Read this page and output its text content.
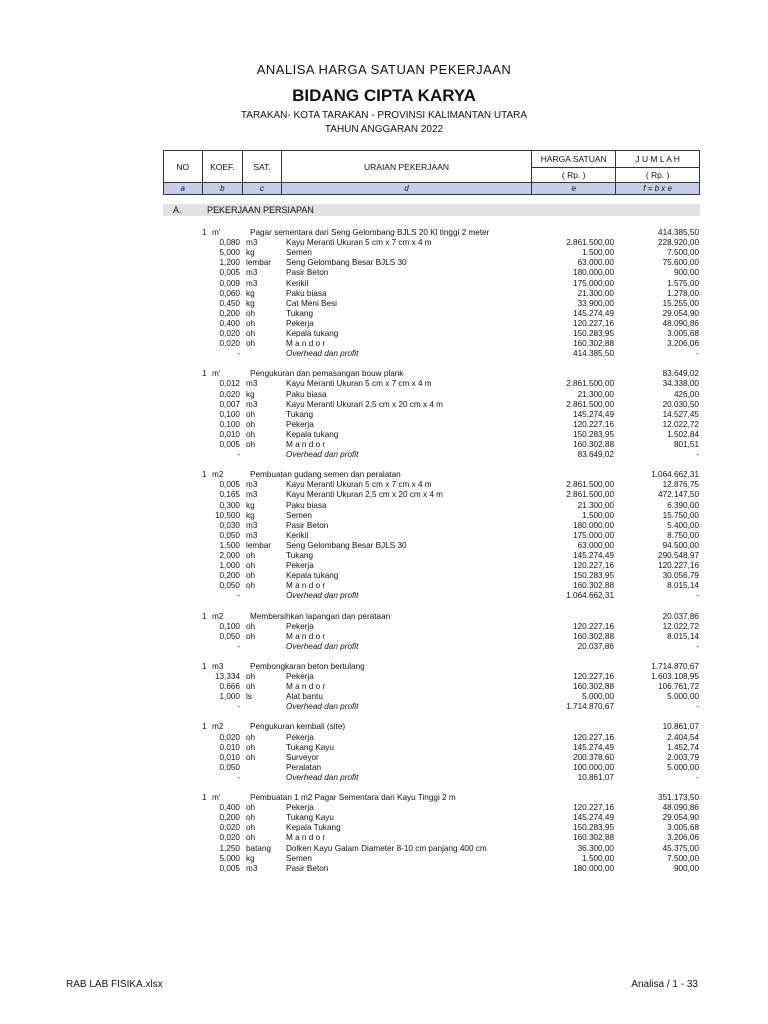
ANALISA HARGA SATUAN PEKERJAAN
BIDANG CIPTA KARYA
TARAKAN- KOTA TARAKAN - PROVINSI KALIMANTAN UTARA
TAHUN ANGGARAN 2022
NO	KOEF.	SAT.	URAIAN PEKERJAAN	HARGA SATUAN	J U M L A H
				( Rp. )	( Rp. )
a	b	c	d	e	f = b x e
A.	PEKERJAAN PERSIAPAN
1 m'	Pagar sementara dari Seng Gelombang BJLS 20 Kl tinggi 2 meter	414.385,50
0,080 m3	Kayu Meranti Ukuran 5 cm x 7 cm x 4 m	2.861.500,00	228.920,00
5,000 kg	Semen	1.500,00	7.500,00
1,200 lembar Seng Gelombang Besar BJLS 30	63.000,00	75.600,00
0,005 m3	Pasir Beton	180.000,00	900,00
0,009 m3	Kerikil	175.000,00	1.575,00
0,060 kg	Paku biasa	21.300,00	1.278,00
0,450 kg	Cat Meni Besi	33.900,00	15.255,00
0,200 oh	Tukang	145.274,49	29.054,90
0,400 oh	Pekerja	120.227,16	48.090,86
0,020 oh	Kepala tukang	150.283,95	3.005,68
0,020 oh	M a n d o r	160.302,88	3.206,06
-	Overhead dan profit	414.385,50	-
1 m'	Pengukuran dan pemasangan bouw plank	83.649,02
0,012 m3	Kayu Meranti Ukuran 5 cm x 7 cm x 4 m	2.861.500,00	34.338,00
0,020 kg	Paku biasa	21.300,00	426,00
0,007 m3	Kayu Meranti Ukuran 2,5 cm x 20 cm x 4 m	2.861.500,00	20.030,50
0,100 oh	Tukang	145.274,49	14.527,45
0,100 oh	Pekerja	120.227,16	12.022,72
0,010 oh	Kepala tukang	150.283,95	1.502,84
0,005 oh	M a n d o r	160.302,88	801,51
-	Overhead dan profit	83.649,02	-
1 m2	Pembuatan gudang semen dan peralatan	1.064.662,31
0,005 m3	Kayu Meranti Ukuran 5 cm x 7 cm x 4 m	2.861.500,00	12.876,75
0,165 m3	Kayu Meranti Ukuran 2,5 cm x 20 cm x 4 m	2.861.500,00	472.147,50
0,300 kg	Paku biasa	21.300,00	6.390,00
10,500 kg	Semen	1.500,00	15.750,00
0,030 m3	Pasir Beton	180.000,00	5.400,00
0,050 m3	Kerikil	175.000,00	8.750,00
1,500 lembar Seng Gelombang Besar BJLS 30	63.000,00	94.500,00
2,000 oh	Tukang	145.274,49	290.548,97
1,000 oh	Pekerja	120.227,16	120.227,16
0,200 oh	Kepala tukang	150.283,95	30.056,79
0,050 oh	M a n d o r	160.302,88	8.015,14
-	Overhead dan profit	1.064.662,31	-
1 m2	Membersihkan lapangan dan perataan	20.037,86
0,100 oh	Pekerja	120.227,16	12.022,72
0,050 oh	M a n d o r	160.302,88	8.015,14
-	Overhead dan profit	20.037,86	-
1 m3	Pembongkaran beton bertulang	1.714.870,67
13,334 oh	Pekerja	120.227,16	1.603.108,95
0,666 oh	M a n d o r	160.302,88	106.761,72
1,000 ls	Alat bantu	5.000,00	5.000,00
-	Overhead dan profit	1.714.870,67	-
1 m2	Pengukuran kembali (site)	10.861,07
0,020 oh	Pekerja	120.227,16	2.404,54
0,010 oh	Tukang Kayu	145.274,49	1.452,74
0,010 oh	Surveyor	200.378,60	2.003,79
0,050	Peralatan	100.000,00	5.000,00
-	Overhead dan profit	10.861,07	-
1 m'	Pembuatan 1 m2 Pagar Sementara dari Kayu Tinggi 2 m	351.173,50
0,400 oh	Pekerja	120.227,16	48.090,86
0,200 oh	Tukang Kayu	145.274,49	29.054,90
0,020 oh	Kepala Tukang	150.283,95	3.005,68
0,020 oh	M a n d o r	160.302,88	3.206,06
1,250 batang Dolken Kayu Galam Diameter 8-10 cm panjang 400 cm	36.300,00	45.375,00
5,000 kg	Semen	1.500,00	7.500,00
0,005 m3	Pasir Beton	180.000,00	900,00
RAB LAB FISIKA.xlsx	Analisa / 1 - 33
